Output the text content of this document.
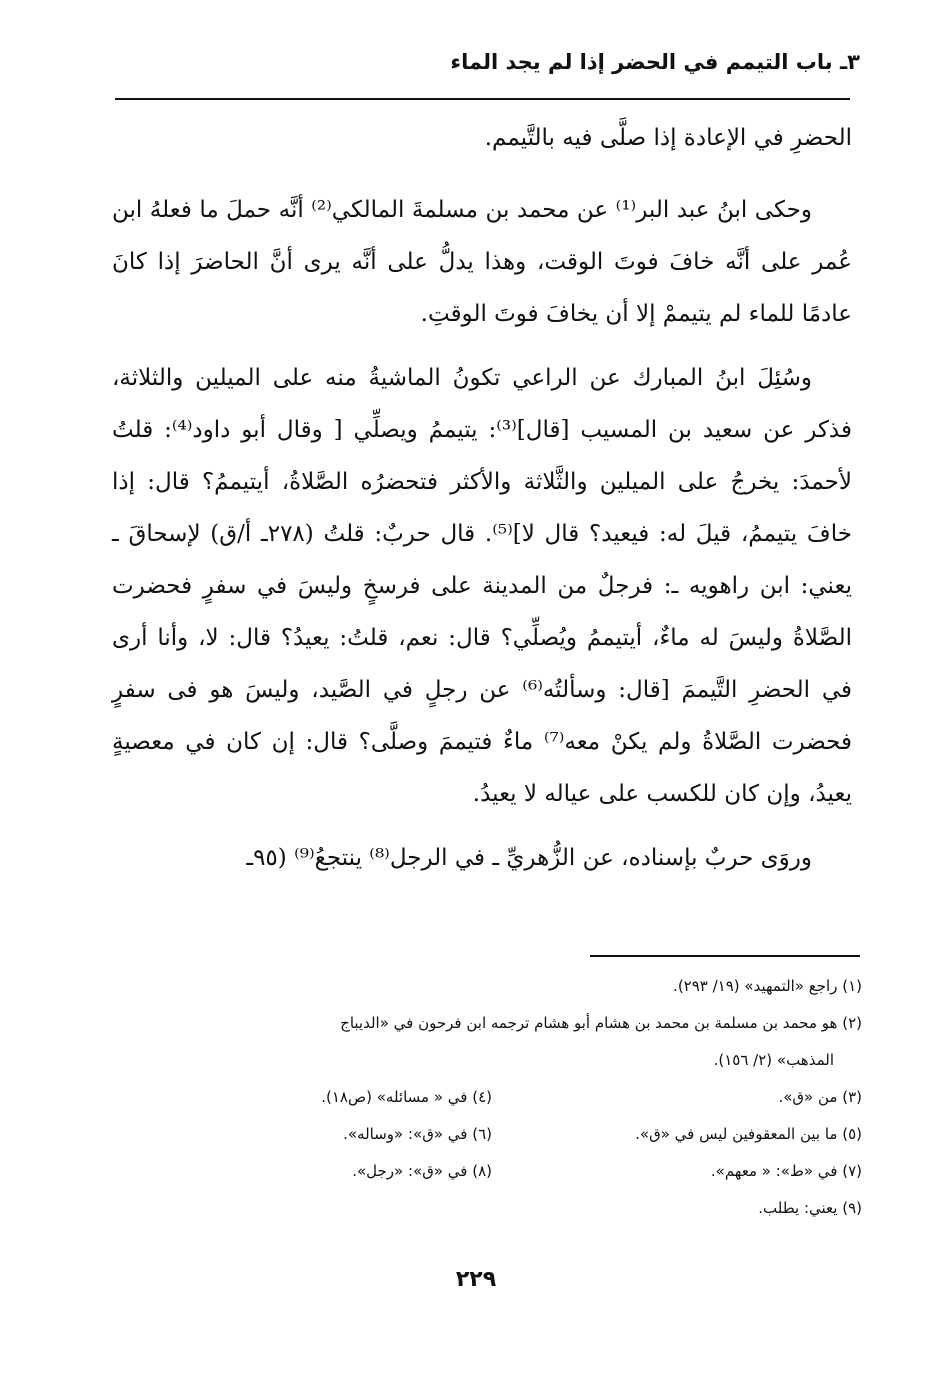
٣ـ باب التيمم في الحضر إذا لم يجد الماء

الحضرِ في الإعادة إذا صلَّى فيه بالتَّيمم.

وحكى ابنُ عبد البر⁽¹⁾ عن محمد بن مسلمةَ المالكي⁽²⁾ أنَّه حملَ ما فعلهُ ابن عُمر على أنَّه خافَ فوتَ الوقت، وهذا يدلُّ على أنَّه يرى أنَّ الحاضرَ إذا كانَ عادمًا للماء لم يتيممْ إلا أن يخافَ فوتَ الوقتِ.

وسُئِلَ ابنُ المبارك عن الراعي تكونُ الماشيةُ منه على الميلين والثلاثة، فذكر عن سعيد بن المسيب [قال]⁽³⁾: يتيممُ ويصلِّي [ وقال أبو داود⁽⁴⁾: قلتُ لأحمدَ: يخرجُ على الميلين والثَّلاثة والأكثر فتحضرُه الصَّلاةُ، أيتيممُ؟ قال: إذا خافَ يتيممُ، قيلَ له: فيعيد؟ قال لا]⁽⁵⁾. قال حربٌ: قلتُ (٢٧٨ـ أ/ق) لإسحاقَ ـ يعني: ابن راهويه ـ: فرجلٌ من المدينة على فرسخٍ وليسَ في سفرٍ فحضرت الصَّلاةُ وليسَ له ماءٌ، أيتيممُ ويُصلِّي؟ قال: نعم، قلتُ: يعيدُ؟ قال: لا، وأنا أرى في الحضرِ التَّيممَ [قال: وسألتُه⁽⁶⁾ عن رجلٍ في الصَّيد، وليسَ هو فى سفرٍ فحضرت الصَّلاةُ ولم يكنْ معه⁽⁷⁾ ماءٌ فتيممَ وصلَّى؟ قال: إن كان في معصيةٍ يعيدُ، وإن كان للكسب على عياله لا يعيدُ.

وروَى حربٌ بإسناده، عن الزُّهريِّ ـ في الرجل⁽⁸⁾ ينتجعُ⁽⁹⁾ (٩٥ـ

(١) راجع «التمهيد» (١٩/ ٢٩٣).
(٢) هو محمد بن مسلمة بن محمد بن هشام أبو هشام ترجمه ابن فرحون في «الديباج
المذهب» (٢/ ١٥٦).
(٣) من «ق».
(٤) في « مسائله» (ص١٨).
(٥) ما بين المعقوفين ليس في «ق».
(٦) في «ق»: «وساله».
(٧) في «ط»: « معهم».
(٨) في «ق»: «رجل».
(٩) يعني: يطلب.
٢٢٩
